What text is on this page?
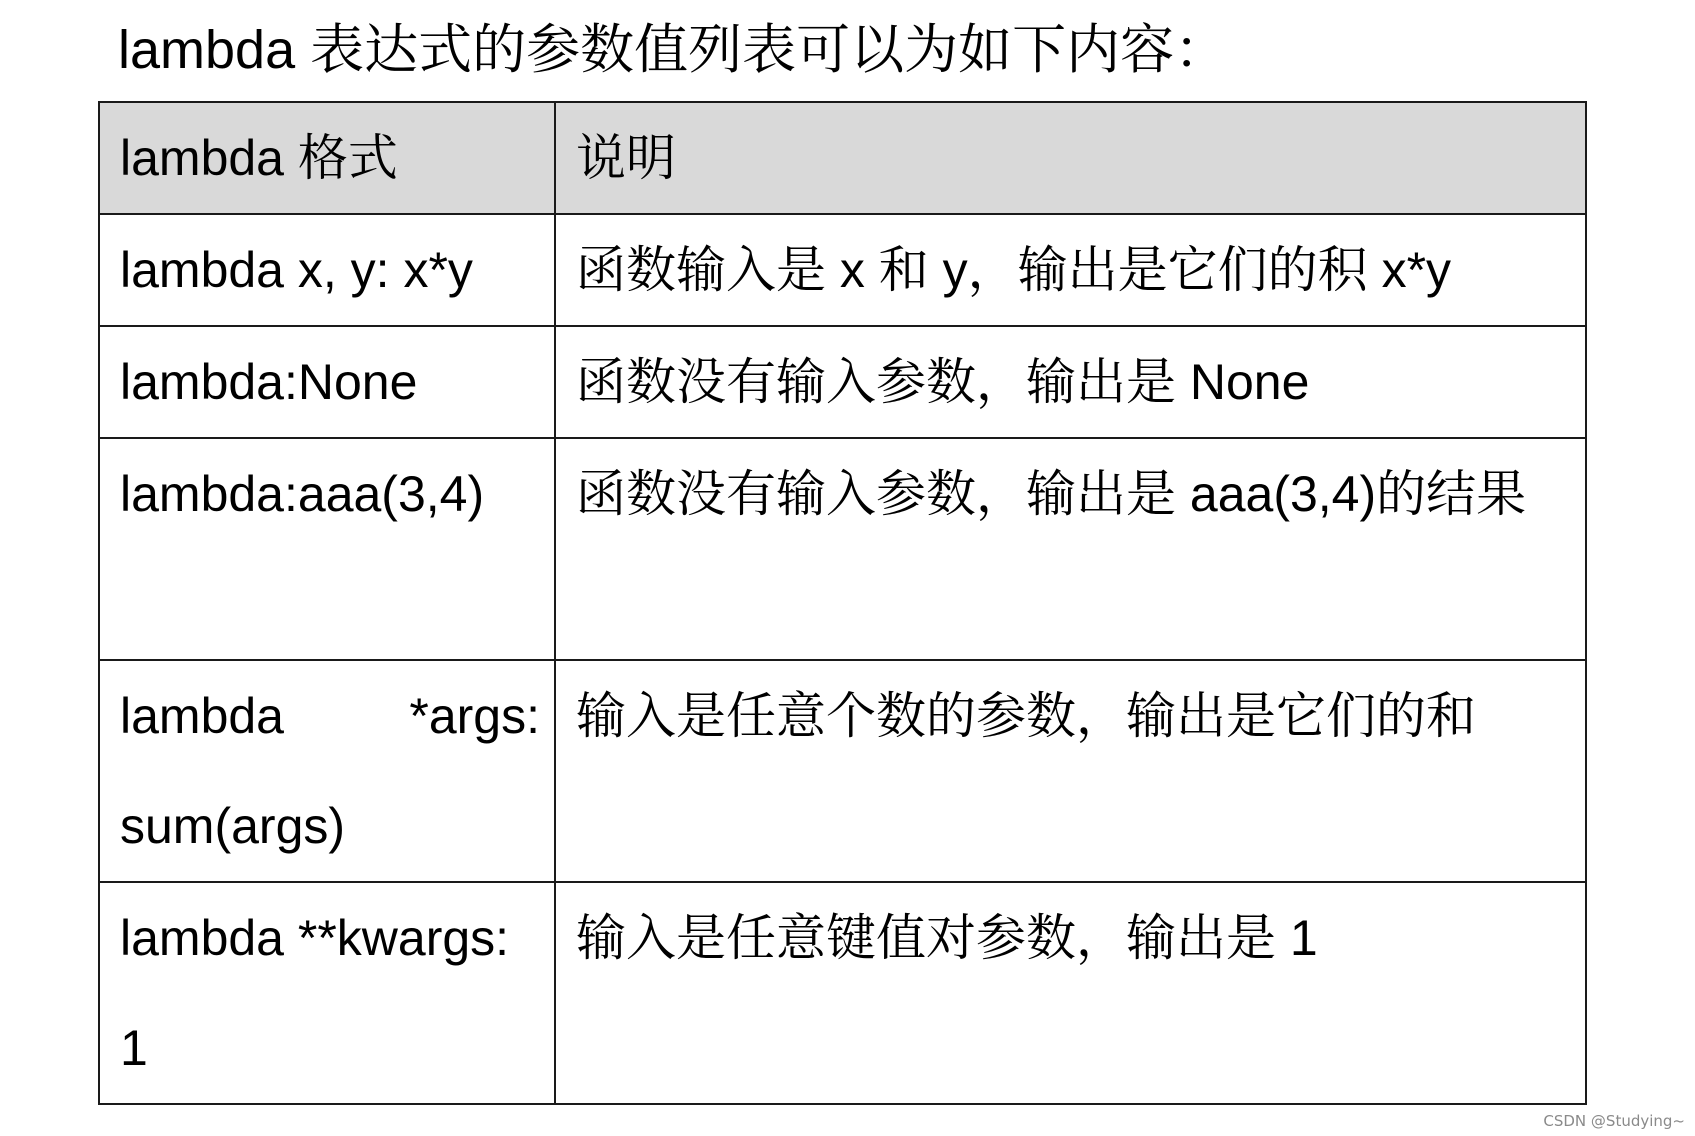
lambda 表达式的参数值列表可以为如下内容：

lambda 格式	说明
lambda x, y: x*y	函数输入是 x 和 y，输出是它们的积 x*y
lambda:None	函数没有输入参数，输出是 None
lambda:aaa(3,4)	函数没有输入参数，输出是 aaa(3,4)的结果
lambda *args: sum(args)	输入是任意个数的参数，输出是它们的和
lambda **kwargs: 1	输入是任意键值对参数，输出是 1
CSDN @Studying~
